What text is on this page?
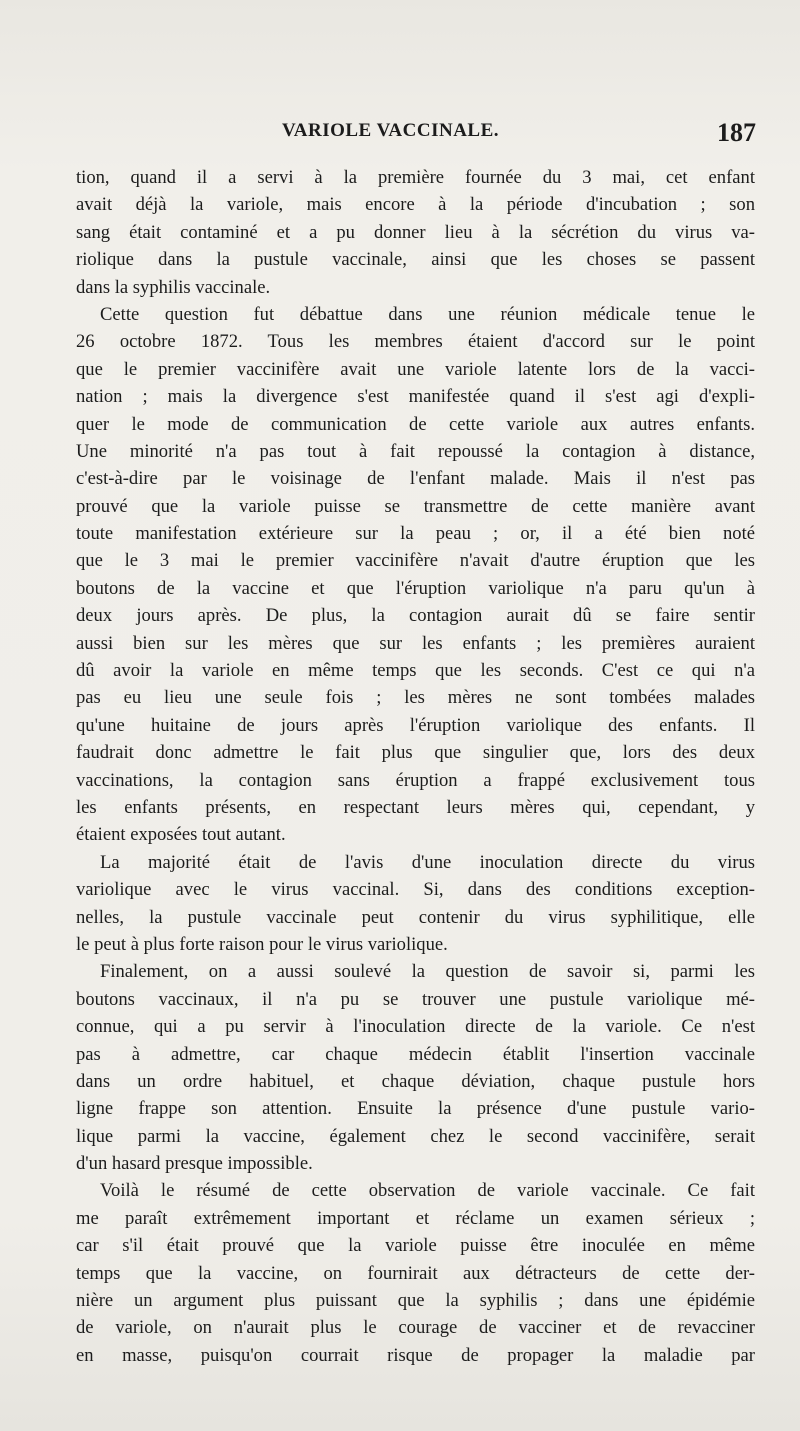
VARIOLE VACCINALE.	187
tion, quand il a servi à la première fournée du 3 mai, cet enfant
avait déjà la variole, mais encore à la période d'incubation ; son
sang était contaminé et a pu donner lieu à la sécrétion du virus va-
riolique dans la pustule vaccinale, ainsi que les choses se passent
dans la syphilis vaccinale.
Cette question fut débattue dans une réunion médicale tenue le
26 octobre 1872. Tous les membres étaient d'accord sur le point
que le premier vaccinifère avait une variole latente lors de la vacci-
nation ; mais la divergence s'est manifestée quand il s'est agi d'expli-
quer le mode de communication de cette variole aux autres enfants.
Une minorité n'a pas tout à fait repoussé la contagion à distance,
c'est-à-dire par le voisinage de l'enfant malade. Mais il n'est pas
prouvé que la variole puisse se transmettre de cette manière avant
toute manifestation extérieure sur la peau ; or, il a été bien noté
que le 3 mai le premier vaccinifère n'avait d'autre éruption que les
boutons de la vaccine et que l'éruption variolique n'a paru qu'un à
deux jours après. De plus, la contagion aurait dû se faire sentir
aussi bien sur les mères que sur les enfants ; les premières auraient
dû avoir la variole en même temps que les seconds. C'est ce qui n'a
pas eu lieu une seule fois ; les mères ne sont tombées malades
qu'une huitaine de jours après l'éruption variolique des enfants. Il
faudrait donc admettre le fait plus que singulier que, lors des deux
vaccinations, la contagion sans éruption a frappé exclusivement tous
les enfants présents, en respectant leurs mères qui, cependant, y
étaient exposées tout autant.
La majorité était de l'avis d'une inoculation directe du virus
variolique avec le virus vaccinal. Si, dans des conditions exception-
nelles, la pustule vaccinale peut contenir du virus syphilitique, elle
le peut à plus forte raison pour le virus variolique.
Finalement, on a aussi soulevé la question de savoir si, parmi les
boutons vaccinaux, il n'a pu se trouver une pustule variolique mé-
connue, qui a pu servir à l'inoculation directe de la variole. Ce n'est
pas à admettre, car chaque médecin établit l'insertion vaccinale
dans un ordre habituel, et chaque déviation, chaque pustule hors
ligne frappe son attention. Ensuite la présence d'une pustule vario-
lique parmi la vaccine, également chez le second vaccinifère, serait
d'un hasard presque impossible.
Voilà le résumé de cette observation de variole vaccinale. Ce fait
me paraît extrêmement important et réclame un examen sérieux ;
car s'il était prouvé que la variole puisse être inoculée en même
temps que la vaccine, on fournirait aux détracteurs de cette der-
nière un argument plus puissant que la syphilis ; dans une épidémie
de variole, on n'aurait plus le courage de vacciner et de revacciner
en masse, puisqu'on courrait risque de propager la maladie par
